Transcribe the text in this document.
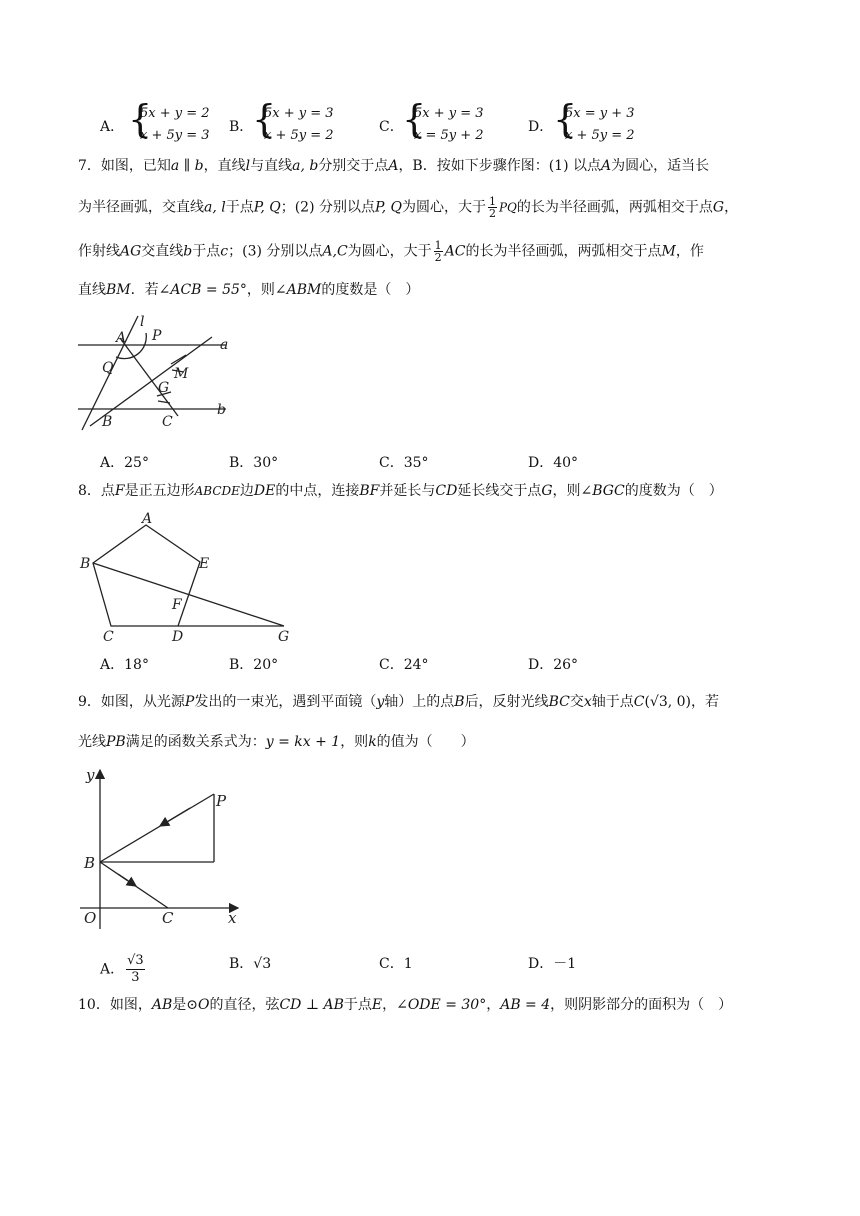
A． {
5x + y = 2
x + 5y = 3
B．
{
5x + y = 3
x + 5y = 2
C．
{
5x + y = 3
x = 5y + 2
D． {
5x = y + 3
x + 5y = 2
7．如图，已知a ∥ b，直线l与直线a, b分别交于点A，B．按如下步骤作图：(1) 以点A为圆心，适当长
为半径画弧，交直线a, l于点P, Q；(2) 分别以点P, Q为圆心，大于 $\frac{1}{2}$ PQ的长为半径画弧，两弧相交于点G，
作射线AG交直线b于点c；(3) 分别以点A,C为圆心，大于 $\frac{1}{2}$ AC的长为半径画弧，两弧相交于点M，作
直线BM．若∠ACB = 55°，则∠ABM的度数是（　）
A
l
P
a
Q	M
G
B	C
b
A．25°	B．30°	C．35°	D．40°
8．点F是正五边形ABCDE边DE的中点，连接BF并延长与CD延长线交于点G，则∠BGC的度数为（　）
A
B	E
F
C	D	G
A．18°	B．20°	C．24°	D．26°
9．如图，从光源P发出的一束光，遇到平面镜（y轴）上的点B后，反射光线BC交x轴于点C(√3, 0)，若
光线PB满足的函数关系式为：y = kx + 1，则k的值为（　　）
y
P
B
O	C	x
A． $\frac{√3}{3}$	B．√3	C．1	D．－1
10．如图，AB是⊙O的直径，弦CD ⊥ AB于点E，∠ODE = 30°，AB = 4，则阴影部分的面积为（　）
